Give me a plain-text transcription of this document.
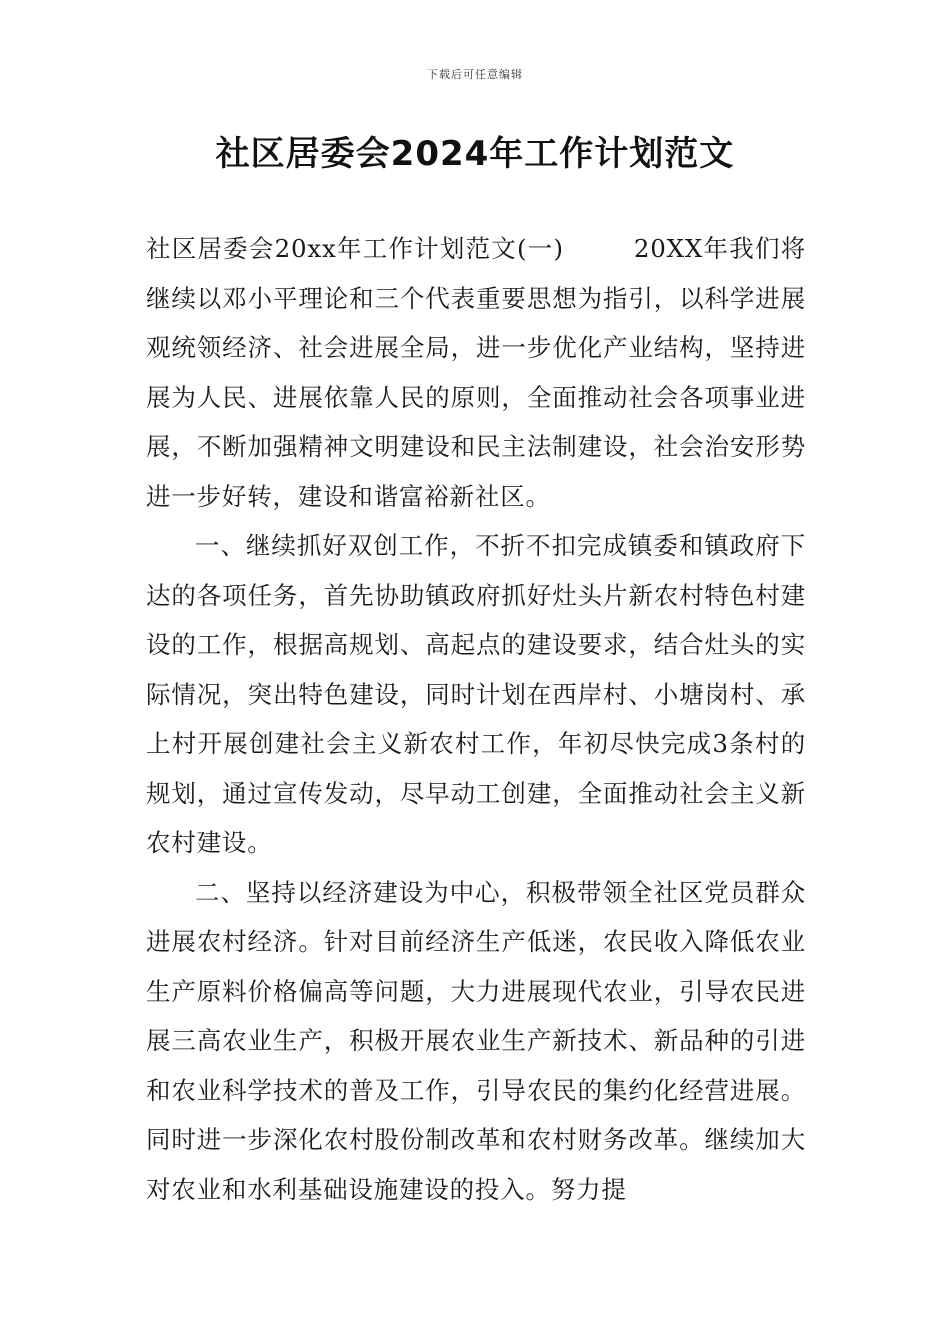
下载后可任意编辑
社区居委会2024年工作计划范文

社区居委会20xx年工作计划范文(一)	20XX年我们将继续以邓小平理论和三个代表重要思想为指引，以科学进展观统领经济、社会进展全局，进一步优化产业结构，坚持进展为人民、进展依靠人民的原则，全面推动社会各项事业进展，不断加强精神文明建设和民主法制建设，社会治安形势进一步好转，建设和谐富裕新社区。

一、继续抓好双创工作，不折不扣完成镇委和镇政府下达的各项任务，首先协助镇政府抓好灶头片新农村特色村建设的工作，根据高规划、高起点的建设要求，结合灶头的实际情况，突出特色建设，同时计划在西岸村、小塘岗村、承上村开展创建社会主义新农村工作，年初尽快完成3条村的规划，通过宣传发动，尽早动工创建，全面推动社会主义新农村建设。

二、坚持以经济建设为中心，积极带领全社区党员群众进展农村经济。针对目前经济生产低迷，农民收入降低农业生产原料价格偏高等问题，大力进展现代农业，引导农民进展三高农业生产，积极开展农业生产新技术、新品种的引进和农业科学技术的普及工作，引导农民的集约化经营进展。同时进一步深化农村股份制改革和农村财务改革。继续加大对农业和水利基础设施建设的投入。努力提
